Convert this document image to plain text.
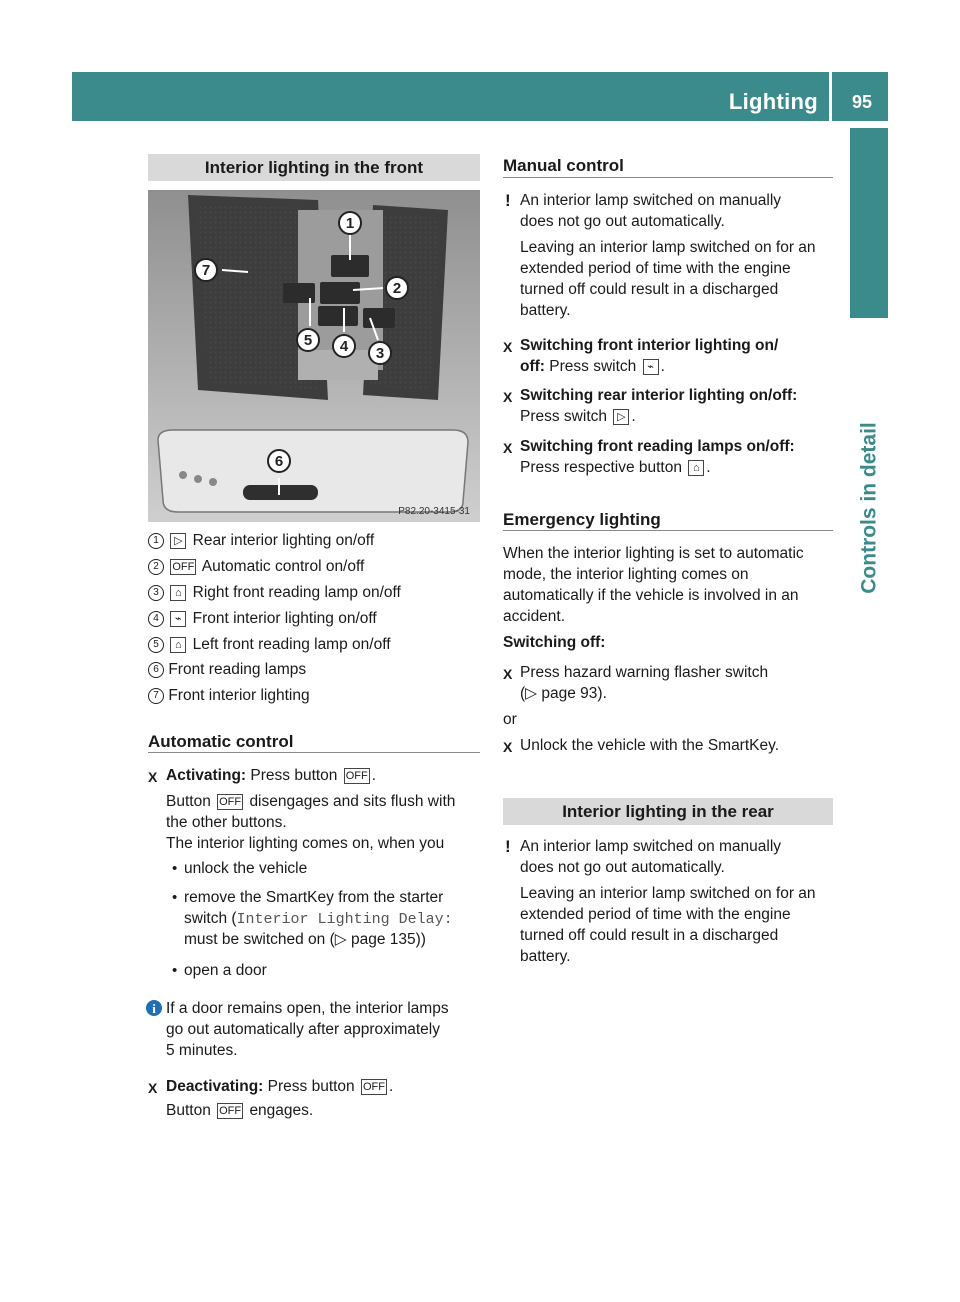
Lighting 95
Controls in detail
Interior lighting in the front
1
2
3
4
5
6
7
P82.20-3415-31
1 ▷ Rear interior lighting on/off
2 OFF Automatic control on/off
3 ⌂ Right front reading lamp on/off
4 ⌁ Front interior lighting on/off
5 ⌂ Left front reading lamp on/off
6 Front reading lamps
7 Front interior lighting
Automatic control
X Activating: Press button OFF .
Button OFF disengages and sits flush with
the other buttons.
The interior lighting comes on, when you
• unlock the vehicle
• remove the SmartKey from the starter
switch (Interior Lighting Delay:
must be switched on (▷ page 135))
• open a door
i If a door remains open, the interior lamps
go out automatically after approximately
5 minutes.
X Deactivating: Press button OFF .
Button OFF engages.
Manual control
! An interior lamp switched on manually
does not go out automatically.
Leaving an interior lamp switched on for an
extended period of time with the engine
turned off could result in a discharged
battery.
X Switching front interior lighting on/
off: Press switch ⌁ .
X Switching rear interior lighting on/off:
Press switch ▷ .
X Switching front reading lamps on/off:
Press respective button ⌂ .
Emergency lighting
When the interior lighting is set to automatic
mode, the interior lighting comes on
automatically if the vehicle is involved in an
accident.
Switching off:
X Press hazard warning flasher switch
(▷ page 93).
or
X Unlock the vehicle with the SmartKey.
Interior lighting in the rear
! An interior lamp switched on manually
does not go out automatically.
Leaving an interior lamp switched on for an
extended period of time with the engine
turned off could result in a discharged
battery.
